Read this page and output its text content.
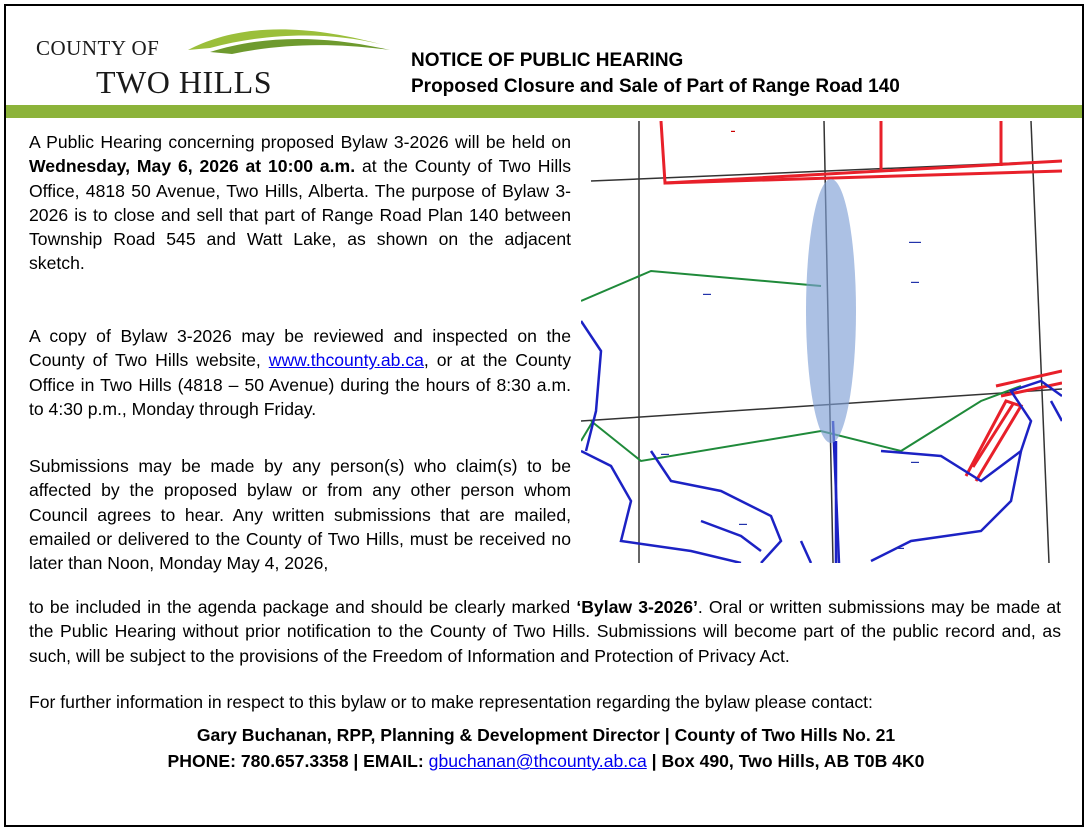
COUNTY OF
TWO HILLS
NOTICE OF PUBLIC HEARING
Proposed Closure and Sale of Part of Range Road 140
A Public Hearing concerning proposed Bylaw 3-2026 will be held on Wednesday, May 6, 2026 at 10:00 a.m. at the County of Two Hills Office, 4818 50 Avenue, Two Hills, Alberta. The purpose of Bylaw 3-2026 is to close and sell that part of Range Road Plan 140 between Township Road 545 and Watt Lake, as shown on the adjacent sketch.
A copy of Bylaw 3-2026 may be reviewed and inspected on the County of Two Hills website, www.thcounty.ab.ca, or at the County Office in Two Hills (4818 – 50 Avenue) during the hours of 8:30 a.m. to 4:30 p.m., Monday through Friday.
Submissions may be made by any person(s) who claim(s) to be affected by the proposed bylaw or from any other person whom Council agrees to hear. Any written submissions that are mailed, emailed or delivered to the County of Two Hills, must be received no later than Noon, Monday May 4, 2026,
to be included in the agenda package and should be clearly marked ‘Bylaw 3-2026’. Oral or written submissions may be made at the Public Hearing without prior notification to the County of Two Hills. Submissions will become part of the public record and, as such, will be subject to the provisions of the Freedom of Information and Protection of Privacy Act.
For further information in respect to this bylaw or to make representation regarding the bylaw please contact:
Gary Buchanan, RPP, Planning & Development Director | County of Two Hills No. 21
PHONE: 780.657.3358 | EMAIL: gbuchanan@thcounty.ab.ca | Box 490, Two Hills, AB T0B 4K0
▬
▬▬
▬▬
▬▬▬
▬▬
▬▬
▬▬
▬▬
